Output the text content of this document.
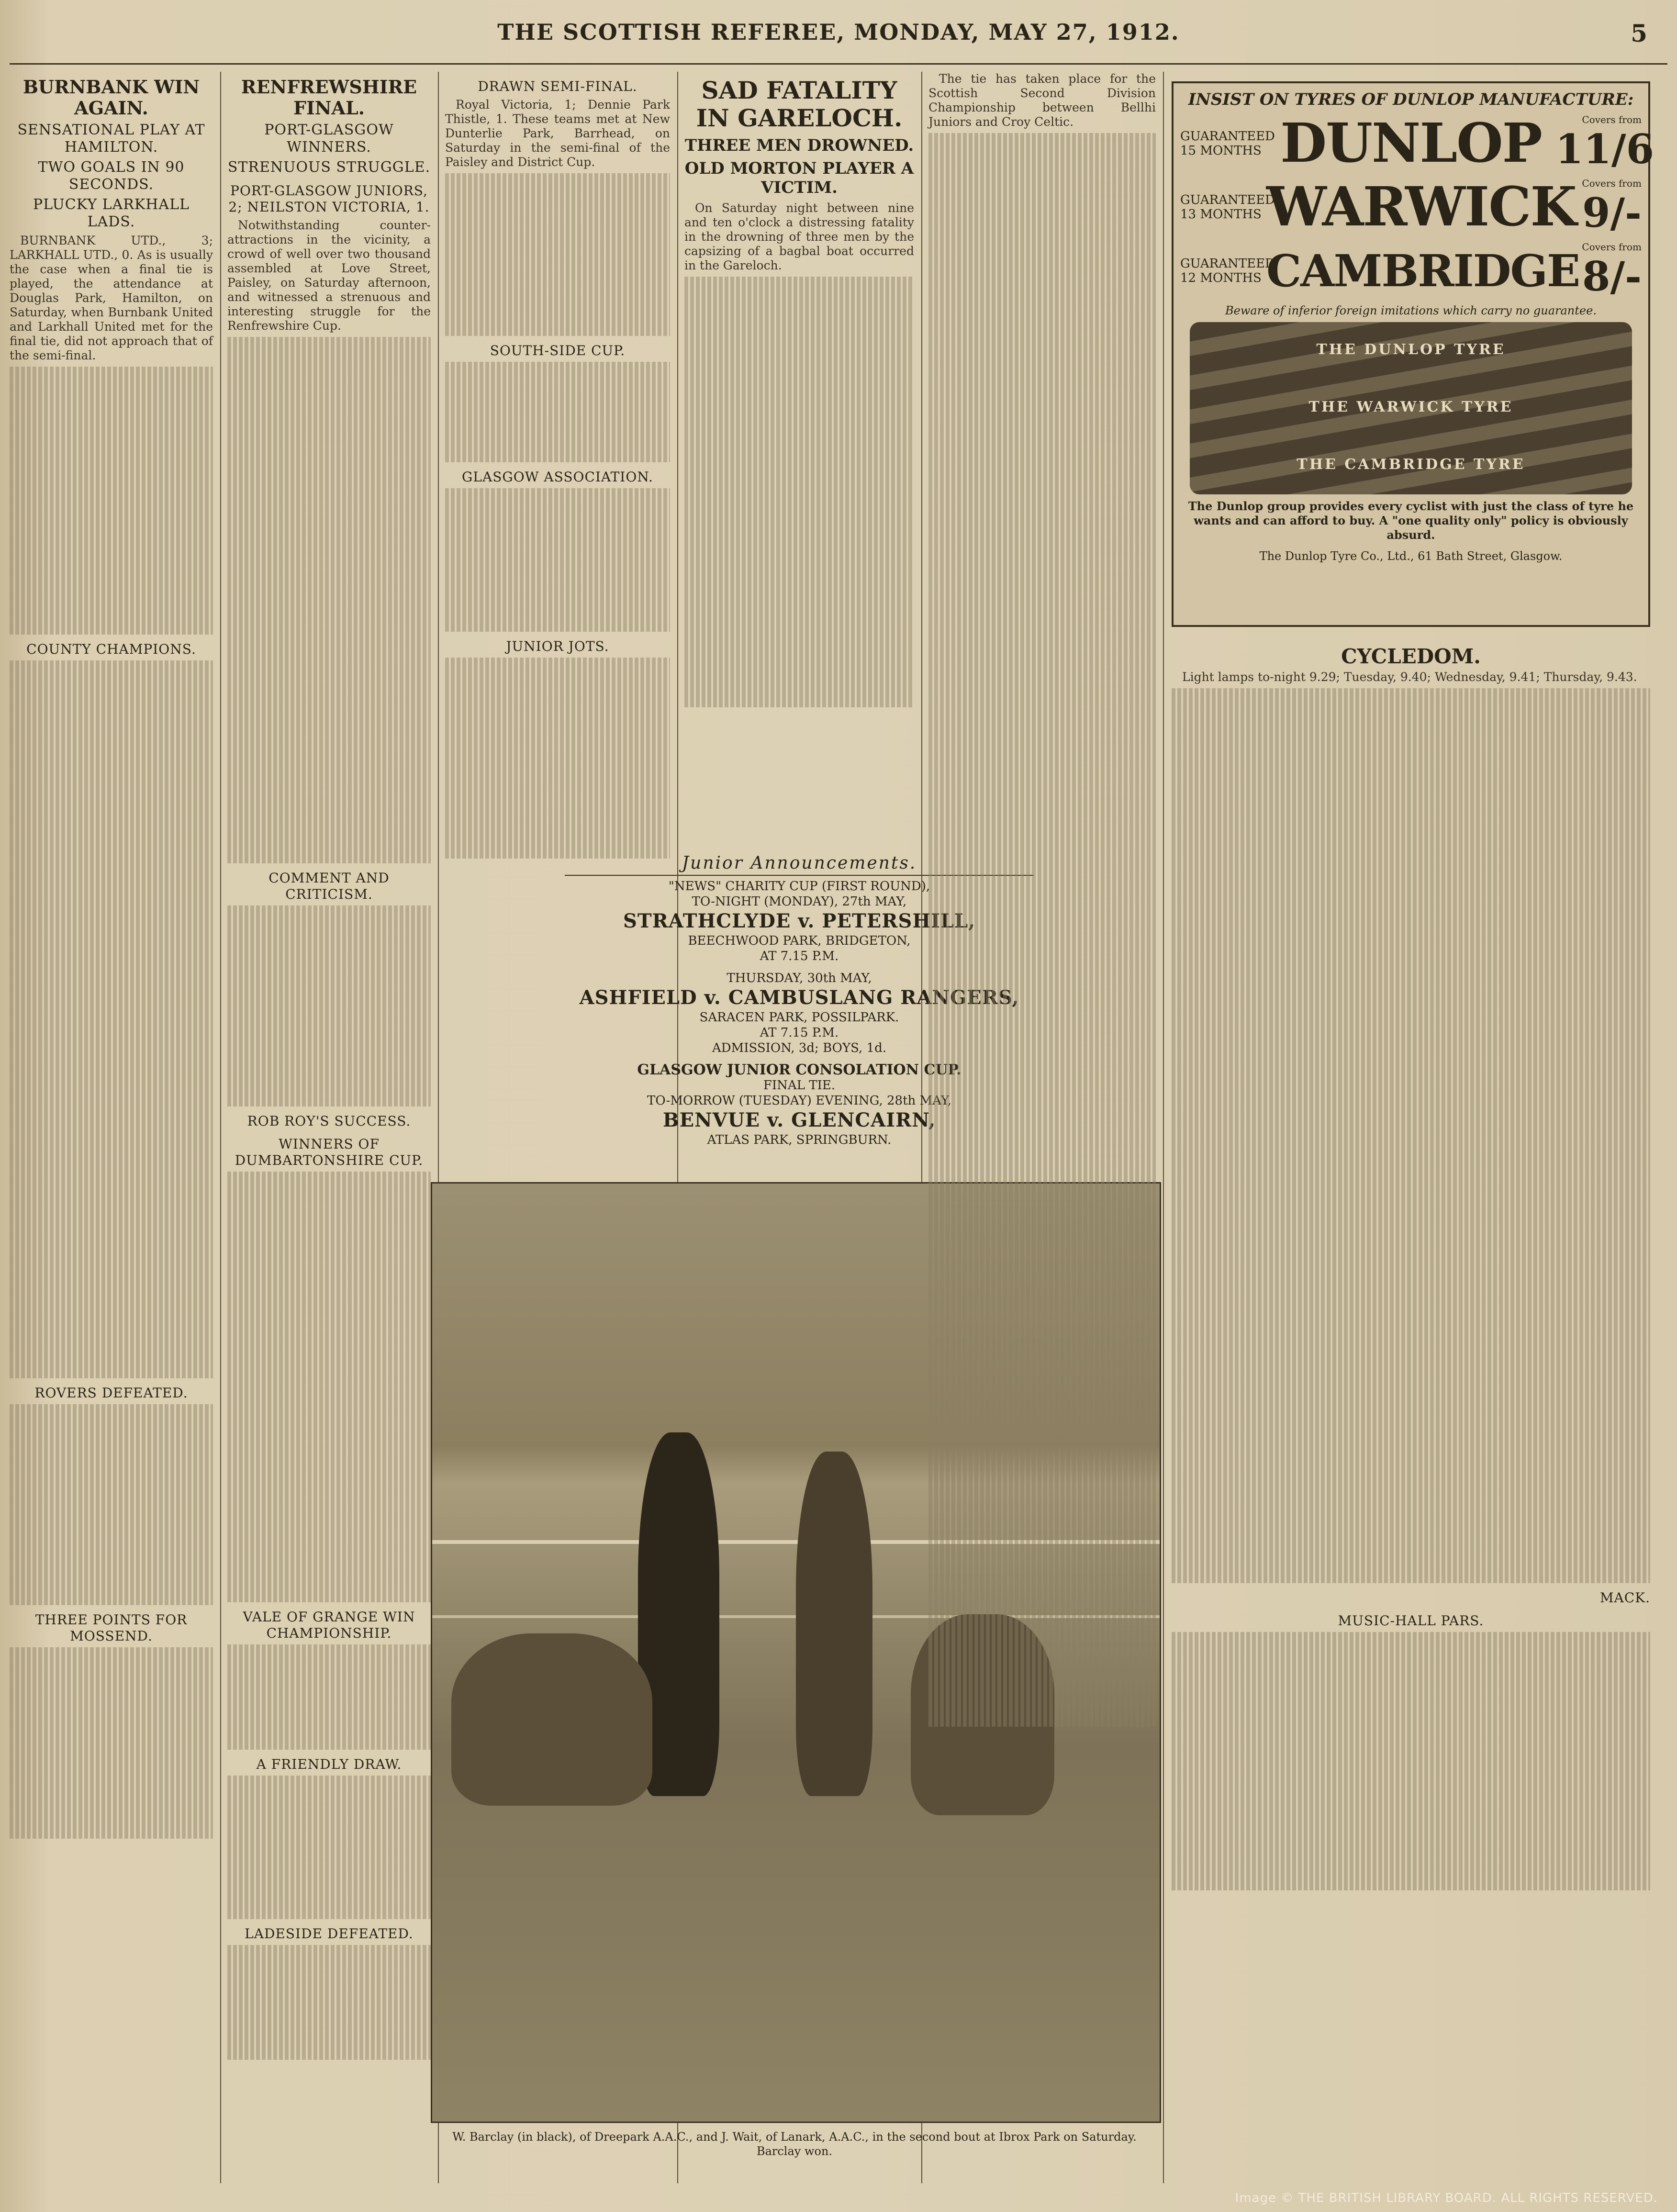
THE SCOTTISH REFEREE, MONDAY, MAY 27, 1912.	5
BURNBANK WIN AGAIN.
SENSATIONAL PLAY AT HAMILTON.
TWO GOALS IN 90 SECONDS.
PLUCKY LARKHALL LADS.

BURNBANK UTD., 3; LARKHALL UTD., 0. As is usually the case when a final tie is played, the attendance at Douglas Park, Hamilton, on Saturday, when Burnbank United and Larkhall United met for the final tie, did not approach that of the semi-final.

COUNTY CHAMPIONS.
ROVERS DEFEATED.
THREE POINTS FOR MOSSEND.
RENFREWSHIRE FINAL.
PORT-GLASGOW WINNERS.
STRENUOUS STRUGGLE.
PORT-GLASGOW JUNIORS, 2; NEILSTON VICTORIA, 1.

Notwithstanding counter-attractions in the vicinity, a crowd of well over two thousand assembled at Love Street, Paisley, on Saturday afternoon, and witnessed a strenuous and interesting struggle for the Renfrewshire Cup.

COMMENT AND CRITICISM.
ROB ROY'S SUCCESS.
WINNERS OF DUMBARTONSHIRE CUP.
VALE OF GRANGE WIN CHAMPIONSHIP.
A FRIENDLY DRAW.
LADESIDE DEFEATED.
DRAWN SEMI-FINAL.

Royal Victoria, 1; Dennie Park Thistle, 1. These teams met at New Dunterlie Park, Barrhead, on Saturday in the semi-final of the Paisley and District Cup.

SOUTH-SIDE CUP.
GLASGOW ASSOCIATION.
JUNIOR JOTS.
SAD FATALITY IN GARELOCH.
THREE MEN DROWNED.
OLD MORTON PLAYER A VICTIM.

On Saturday night between nine and ten o'clock a distressing fatality in the drowning of three men by the capsizing of a bagbal boat occurred in the Gareloch.

Junior Announcements.
"NEWS" CHARITY CUP (FIRST ROUND),
TO-NIGHT (MONDAY), 27th MAY,
STRATHCLYDE v. PETERSHILL,
BEECHWOOD PARK, BRIDGETON,
AT 7.15 P.M.
THURSDAY, 30th MAY,
ASHFIELD v. CAMBUSLANG RANGERS,
SARACEN PARK, POSSILPARK.
AT 7.15 P.M.
ADMISSION, 3d; BOYS, 1d.
GLASGOW JUNIOR CONSOLATION CUP.
FINAL TIE.
TO-MORROW (TUESDAY) EVENING, 28th MAY,
BENVUE v. GLENCAIRN,
ATLAS PARK, SPRINGBURN.
W. Barclay (in black), of Dreepark A.A.C., and J. Wait, of Lanark, A.A.C., in the second bout at Ibrox Park on Saturday. Barclay won.

The tie has taken place for the Scottish Second Division Championship between Bellhi Juniors and Croy Celtic.

INSIST ON TYRES OF DUNLOP MANUFACTURE:
GUARANTEED 15 MONTHS DUNLOP	Covers from
11/6
GUARANTEED 13 MONTHS WARWICK Covers from
9/-
GUARANTEED 12 MONTHS CAMBRIDGE Covers from
8/-
Beware of inferior foreign imitations which carry no guarantee.
THE DUNLOP TYRE
THE WARWICK TYRE
THE CAMBRIDGE TYRE
The Dunlop group provides every cyclist with just the class of tyre he wants and can afford to buy. A "one quality only" policy is obviously absurd.
The Dunlop Tyre Co., Ltd., 61 Bath Street, Glasgow.
CYCLEDOM.

Light lamps to-night 9.29; Tuesday, 9.40; Wednesday, 9.41; Thursday, 9.43.

MACK.
MUSIC-HALL PARS.
Image © THE BRITISH LIBRARY BOARD. ALL RIGHTS RESERVED.
